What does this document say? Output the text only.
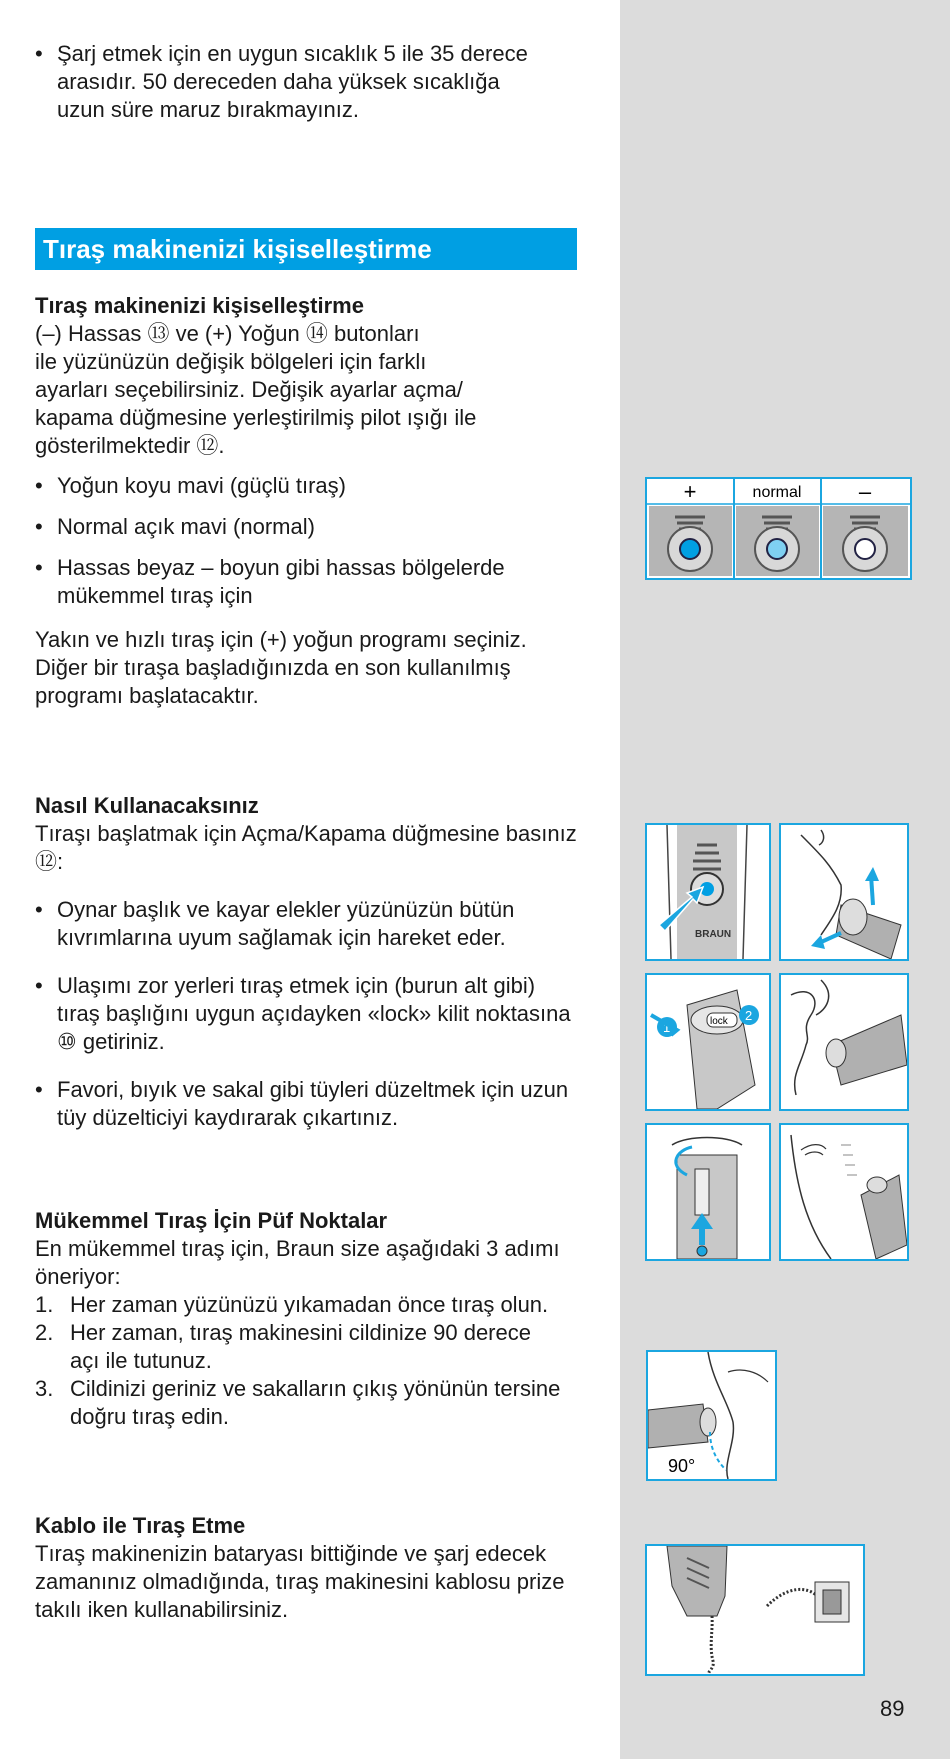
• Şarj etmek için en uygun sıcaklık 5 ile 35 derece arasıdır. 50 dereceden daha yüksek sıcaklığa uzun süre maruz bırakmayınız.

Tıraş makinenizi kişiselleştirme

Tıraş makinenizi kişiselleştirme

(–) Hassas ⑬ ve (+) Yoğun ⑭ butonları

ile yüzünüzün değişik bölgeleri için farklı

ayarları seçebilirsiniz. Değişik ayarlar açma/

kapama düğmesine yerleştirilmiş pilot ışığı ile

gösterilmektedir ⑫.

• Yoğun koyu mavi (güçlü tıraş)

• Normal açık mavi (normal)

• Hassas beyaz – boyun gibi hassas bölgelerde mükemmel tıraş için

Yakın ve hızlı tıraş için (+) yoğun programı seçiniz.

Diğer bir tıraşa başladığınızda en son kullanılmış programı başlatacaktır.

Nasıl Kullanacaksınız

Tıraşı başlatmak için Açma/Kapama düğmesine basınız ⑫:

• Oynar başlık ve kayar elekler yüzünüzün bütün kıvrımlarına uyum sağlamak için hareket eder.

• Ulaşımı zor yerleri tıraş etmek için (burun alt gibi) tıraş başlığını uygun açıdayken «lock» kilit noktasına ⑩ getiriniz.

• Favori, bıyık ve sakal gibi tüyleri düzeltmek için uzun tüy düzelticiyi kaydırarak çıkartınız.

Mükemmel Tıraş İçin Püf Noktalar

En mükemmel tıraş için, Braun size aşağıdaki 3 adımı öneriyor:

1. Her zaman yüzünüzü yıkamadan önce tıraş olun.

2. Her zaman, tıraş makinesini cildinize 90 derece açı ile tutunuz.

3. Cildinizi geriniz ve sakalların çıkış yönünün tersine doğru tıraş edin.

Kablo ile Tıraş Etme

Tıraş makinenizin bataryası bittiğinde ve şarj edecek zamanınız olmadığında, tıraş makinesini kablosu prize takılı iken kullanabilirsiniz.

+	normal	–
BRAUN
lock
1
2
90°
89
